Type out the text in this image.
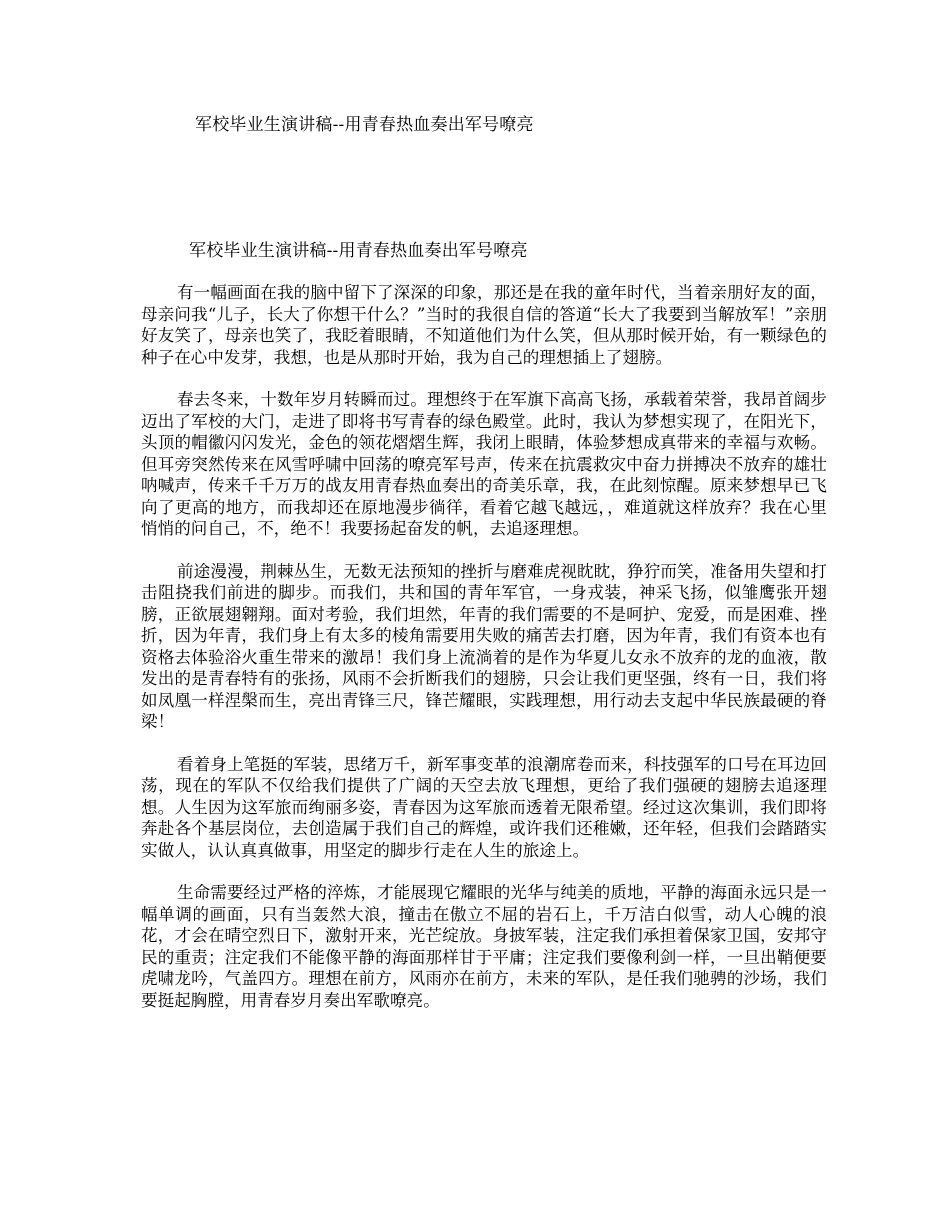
军校毕业生演讲稿--用青春热血奏出军号嘹亮
军校毕业生演讲稿--用青春热血奏出军号嘹亮

有一幅画面在我的脑中留下了深深的印象，那还是在我的童年时代，当着亲朋好友的面，母亲问我“儿子，长大了你想干什么？”当时的我很自信的答道“长大了我要到当解放军！”亲朋好友笑了，母亲也笑了，我眨着眼睛，不知道他们为什么笑，但从那时候开始，有一颗绿色的种子在心中发芽，我想，也是从那时开始，我为自己的理想插上了翅膀。

春去冬来，十数年岁月转瞬而过。理想终于在军旗下高高飞扬，承载着荣誉，我昂首阔步迈出了军校的大门，走进了即将书写青春的绿色殿堂。此时，我认为梦想实现了，在阳光下，头顶的帽徽闪闪发光，金色的领花熠熠生辉，我闭上眼睛，体验梦想成真带来的幸福与欢畅。但耳旁突然传来在风雪呼啸中回荡的嘹亮军号声，传来在抗震救灾中奋力拼搏决不放弃的雄壮呐喊声，传来千千万万的战友用青春热血奏出的奇美乐章，我，在此刻惊醒。原来梦想早已飞向了更高的地方，而我却还在原地漫步徜徉，看着它越飞越远，，难道就这样放弃？我在心里悄悄的问自己，不，绝不！我要扬起奋发的帆，去追逐理想。

前途漫漫，荆棘丛生，无数无法预知的挫折与磨难虎视眈眈，狰狞而笑，准备用失望和打击阻挠我们前进的脚步。而我们，共和国的青年军官，一身戎装，神采飞扬，似雏鹰张开翅膀，正欲展翅翱翔。面对考验，我们坦然，年青的我们需要的不是呵护、宠爱，而是困难、挫折，因为年青，我们身上有太多的棱角需要用失败的痛苦去打磨，因为年青，我们有资本也有资格去体验浴火重生带来的激昂！我们身上流淌着的是作为华夏儿女永不放弃的龙的血液，散发出的是青春特有的张扬，风雨不会折断我们的翅膀，只会让我们更坚强，终有一日，我们将如凤凰一样涅槃而生，亮出青锋三尺，锋芒耀眼，实践理想，用行动去支起中华民族最硬的脊梁！

看着身上笔挺的军装，思绪万千，新军事变革的浪潮席卷而来，科技强军的口号在耳边回荡，现在的军队不仅给我们提供了广阔的天空去放飞理想，更给了我们强硬的翅膀去追逐理想。人生因为这军旅而绚丽多姿，青春因为这军旅而透着无限希望。经过这次集训，我们即将奔赴各个基层岗位，去创造属于我们自己的辉煌，或许我们还稚嫩，还年轻，但我们会踏踏实实做人，认认真真做事，用坚定的脚步行走在人生的旅途上。

生命需要经过严格的淬炼，才能展现它耀眼的光华与纯美的质地，平静的海面永远只是一幅单调的画面，只有当轰然大浪，撞击在傲立不屈的岩石上，千万洁白似雪，动人心魄的浪花，才会在晴空烈日下，激射开来，光芒绽放。身披军装，注定我们承担着保家卫国，安邦守民的重责；注定我们不能像平静的海面那样甘于平庸；注定我们要像利剑一样，一旦出鞘便要虎啸龙吟，气盖四方。理想在前方，风雨亦在前方，未来的军队，是任我们驰骋的沙场，我们要挺起胸膛，用青春岁月奏出军歌嘹亮。
